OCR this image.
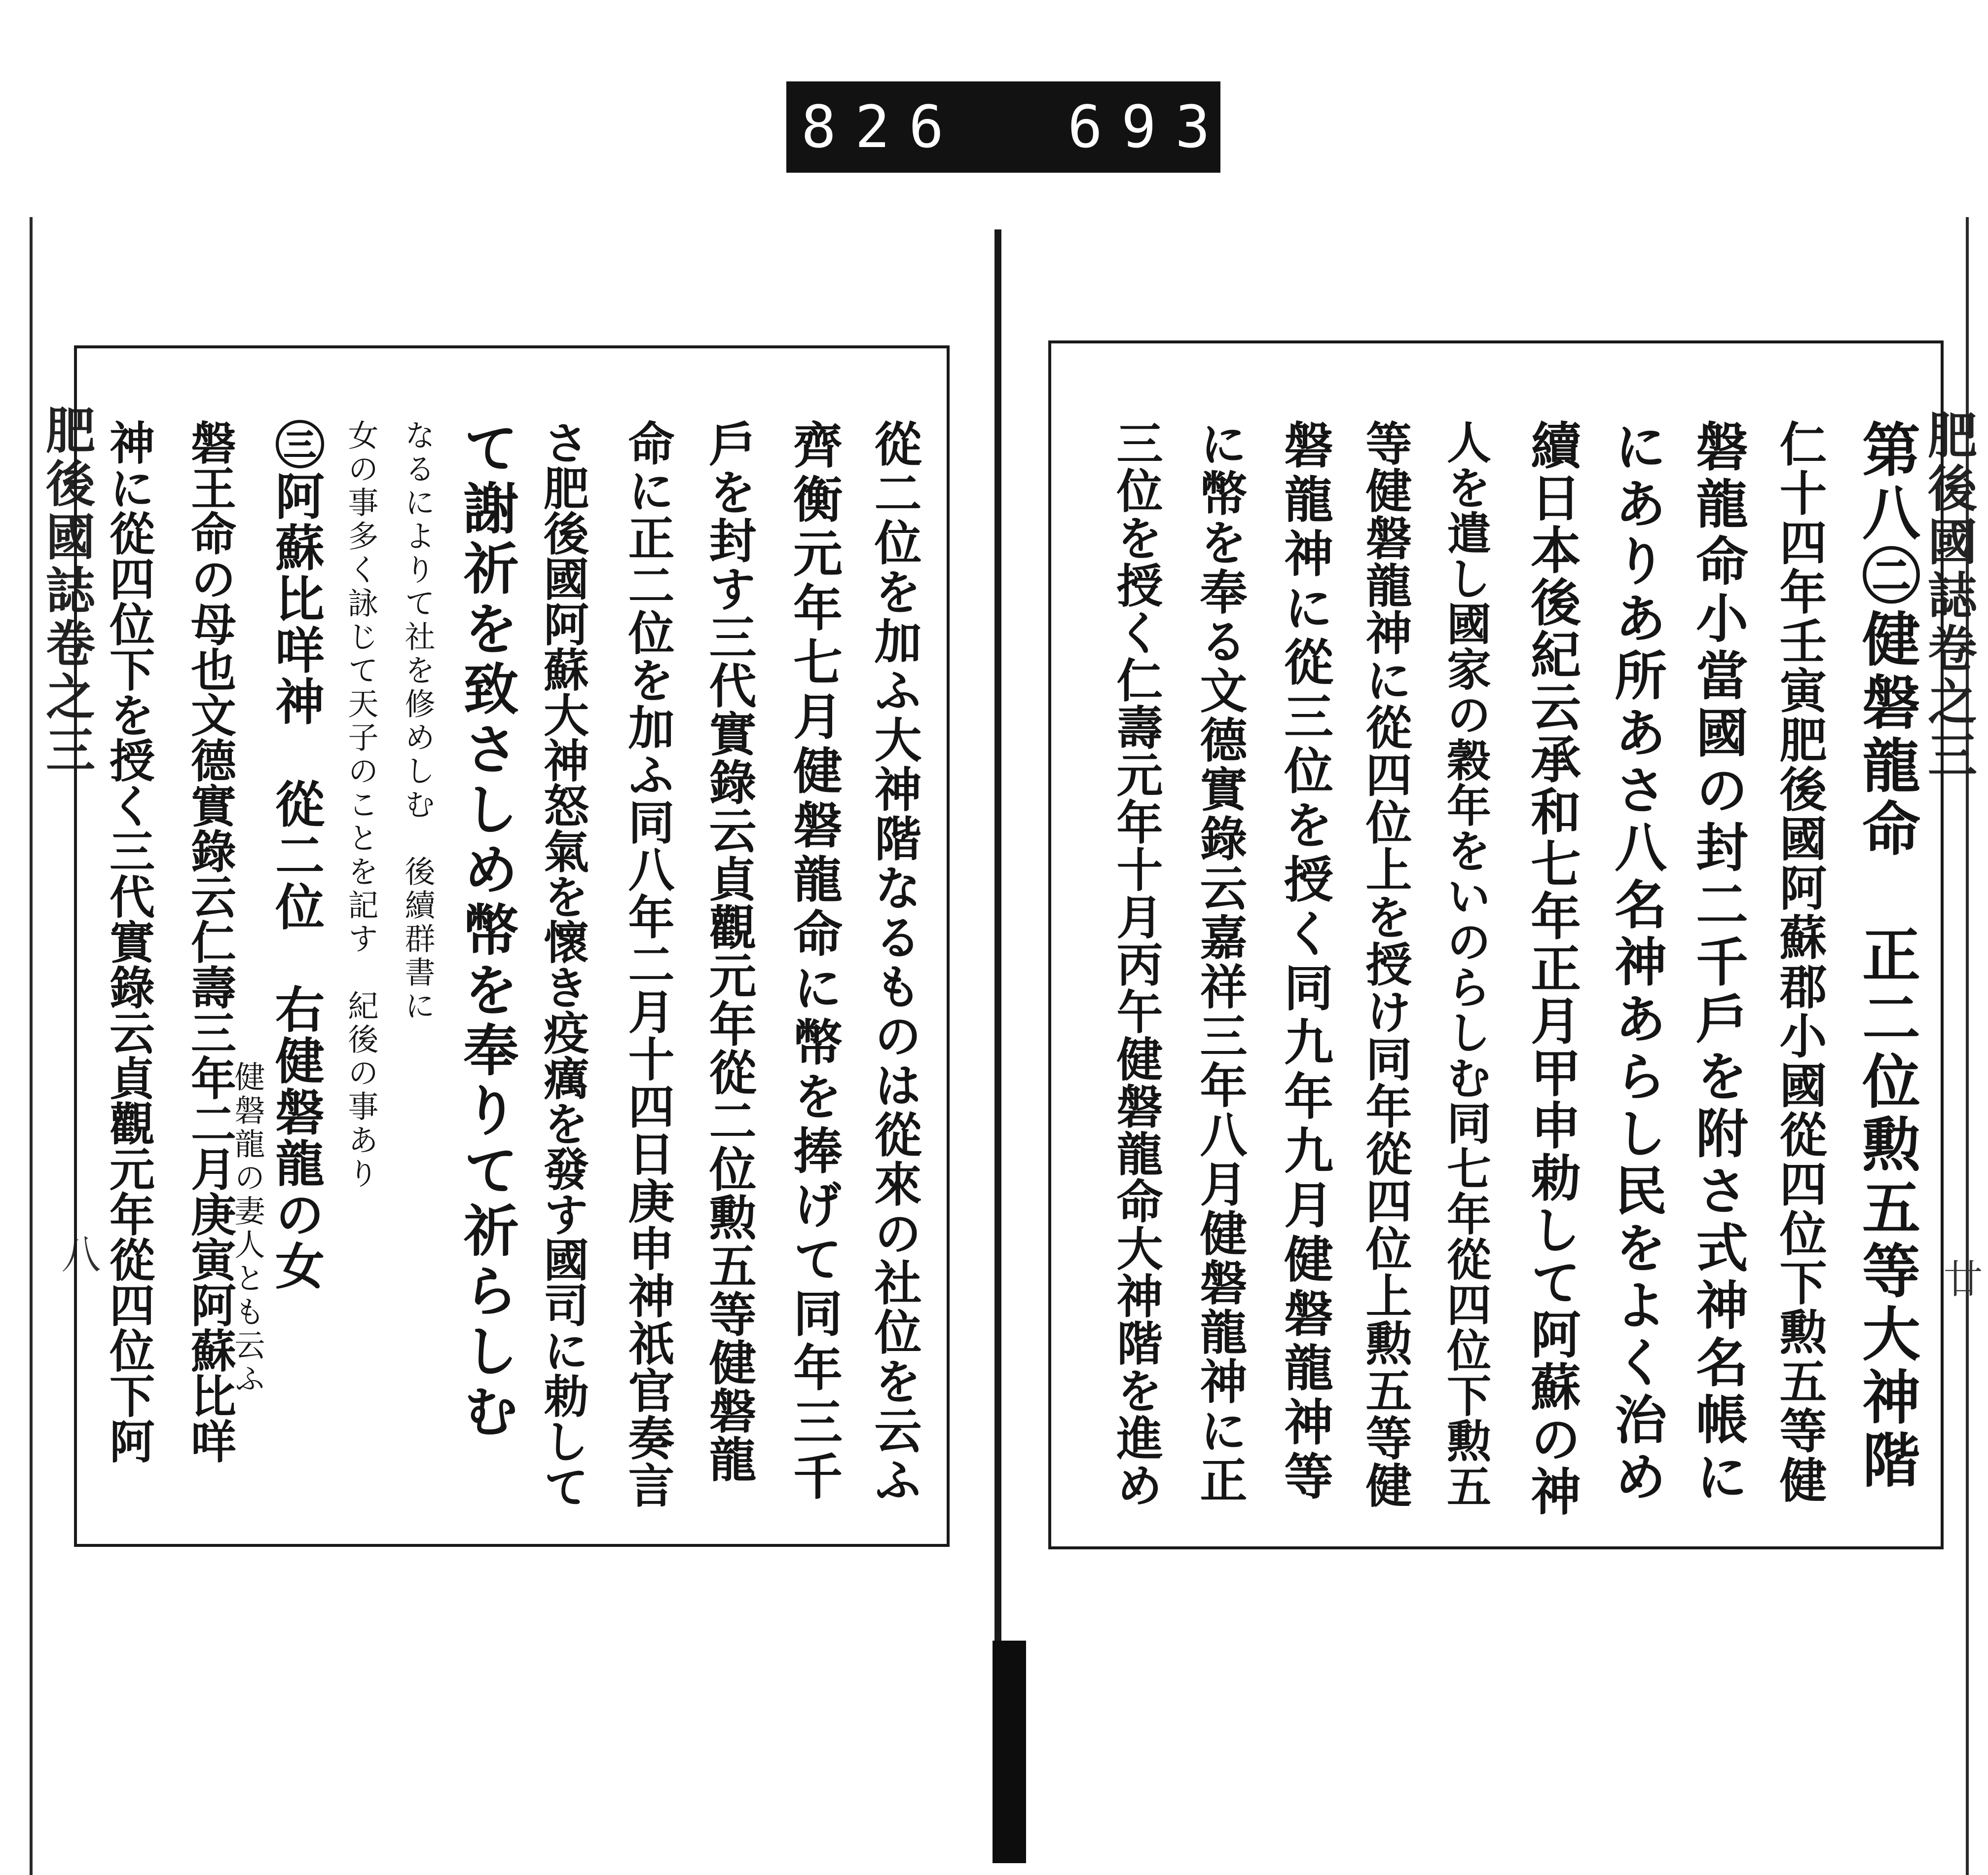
826 693
肥後國誌卷之三	肥後國誌卷之三
八
廿
第八㊁健磐龍命　正二位勲五等大神階
仁十四年壬寅肥後國阿蘇郡小國從四位下勲五等健
磐龍命小當國の封二千戶を附さ式神名帳に
にありあ所あさ八名神あらし民をよく治め
續日本後紀云承和七年正月甲申勅して阿蘇の神
人を遣し國家の穀年をいのらしむ同七年從四位下勲五
等健磐龍神に從四位上を授け同年從四位上勲五等健
磐龍神に從三位を授く同九年九月健磐龍神等
に幣を奉る文德實錄云嘉祥三年八月健磐龍神に正
三位を授く仁壽元年十月丙午健磐龍命大神階を進め
從二位を加ふ大神階なるものは從來の社位を云ふ
齊衡元年七月健磐龍命に幣を捧げて同年三千
戶を封す三代實錄云貞觀元年從二位勲五等健磐龍
命に正二位を加ふ同八年二月十四日庚申神祇官奏言
さ肥後國阿蘇大神怒氣を懷き疫癘を發す國司に勅して
て謝祈を致さしめ幣を奉りて祈らしむ
なるによりて社を修めしむ　後續群書に
女の事多く詠じて天子のことを記す　紀後の事あり
㊂阿蘇比咩神　從二位　右健磐龍の女
健磐龍の妻人とも云ふ
磐王命の母也文德實錄云仁壽三年二月庚寅阿蘇比咩
神に從四位下を授く三代實錄云貞觀元年從四位下阿
